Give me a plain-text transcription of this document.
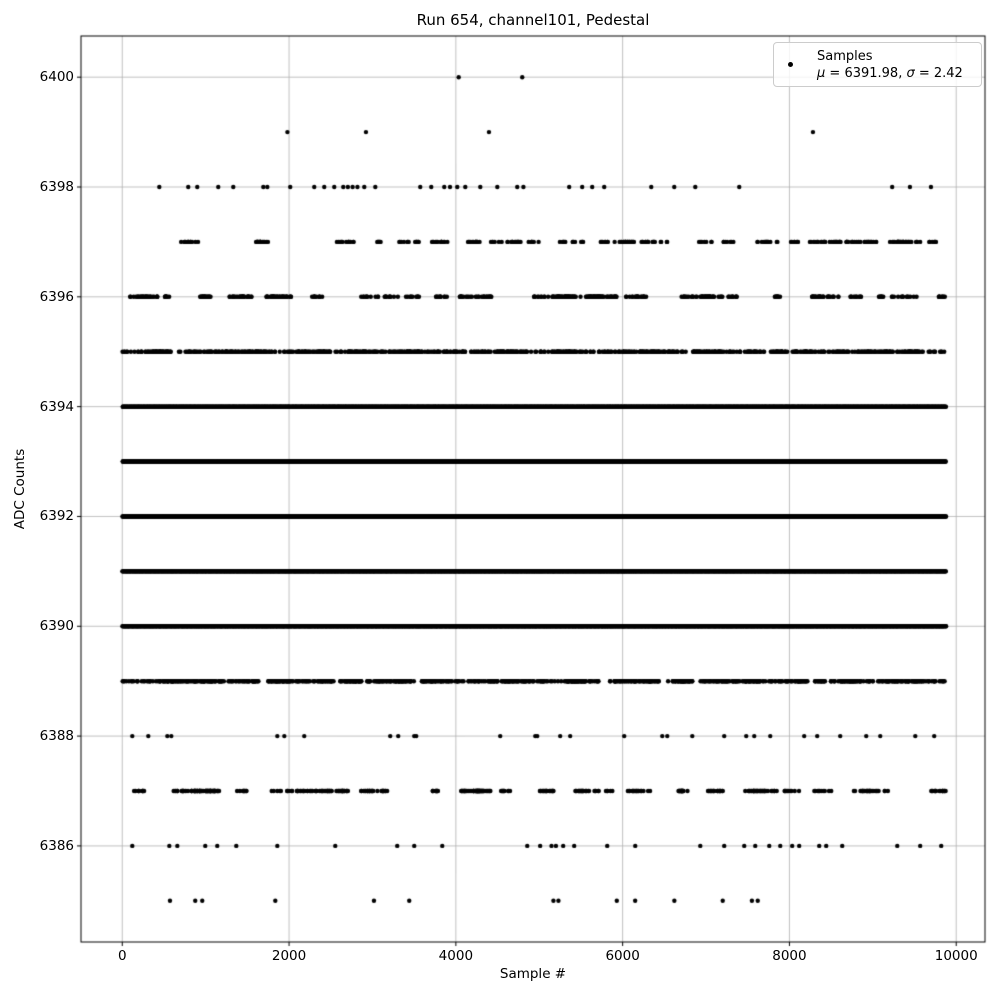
Run 654, channel101, Pedestal
Sample #
ADC Counts
0	2000	4000	6000	8000	10000
6386
6388
6390
6392
6394
6396
6398
6400
Samples
μ = 6391.98, σ = 2.42
